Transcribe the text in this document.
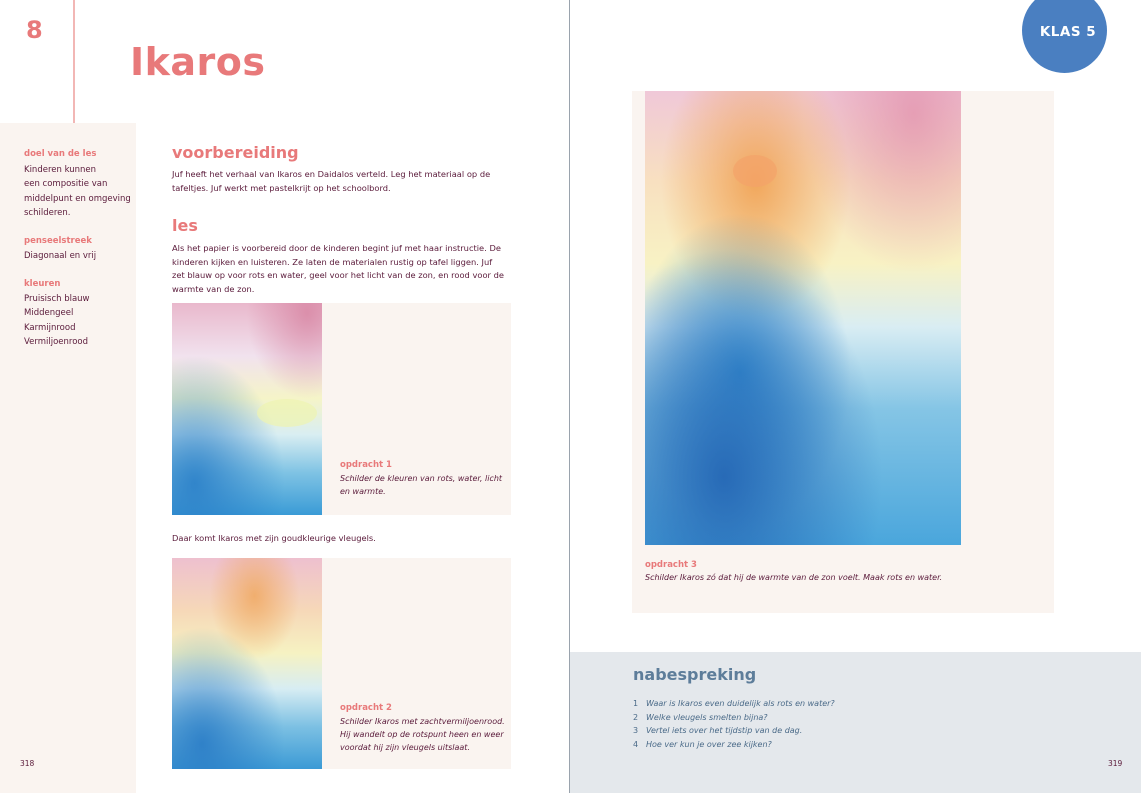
8
Ikaros
doel van de les
Kinderen kunnen
een compositie van
middelpunt en omgeving
schilderen.
penseelstreek
Diagonaal en vrij
kleuren
Pruisisch blauw
Middengeel
Karmijnrood
Vermiljoenrood
voorbereiding
Juf heeft het verhaal van Ikaros en Daidalos verteld. Leg het materiaal op de
tafeltjes. Juf werkt met pastelkrijt op het schoolbord.
les
Als het papier is voorbereid door de kinderen begint juf met haar instructie. De
kinderen kijken en luisteren. Ze laten de materialen rustig op tafel liggen. Juf
zet blauw op voor rots en water, geel voor het licht van de zon, en rood voor de
warmte van de zon.
opdracht 1
Schilder de kleuren van rots, water, licht
en warmte.
Daar komt Ikaros met zijn goudkleurige vleugels.
opdracht 2
Schilder Ikaros met zachtvermiljoenrood.
Hij wandelt op de rotspunt heen en weer
voordat hij zijn vleugels uitslaat.
318
KLAS 5
opdracht 3
Schilder Ikaros zó dat hij de warmte van de zon voelt. Maak rots en water.
nabespreking
1 Waar is Ikaros even duidelijk als rots en water?
2 Welke vleugels smelten bijna?
3 Vertel iets over het tijdstip van de dag.
4 Hoe ver kun je over zee kijken?
319
